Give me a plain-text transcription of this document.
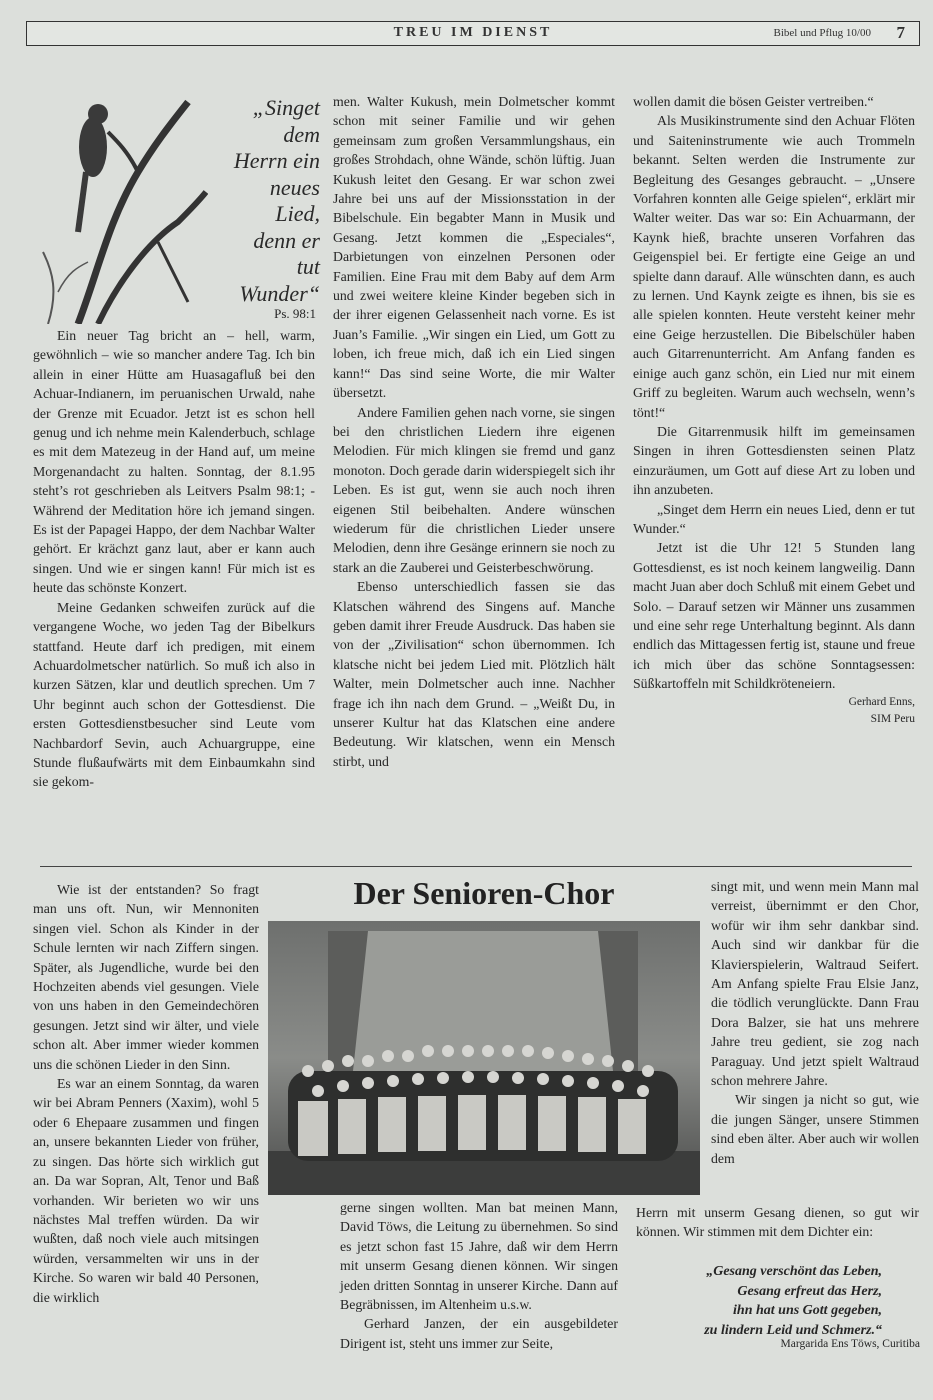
TREU IM DIENST	Bibel und Pflug 10/00 7
„Singet
dem
Herrn ein
neues
Lied,
denn er
tut
Wunder“
Ps. 98:1

Ein neuer Tag bricht an – hell, warm, gewöhnlich – wie so mancher andere Tag. Ich bin allein in einer Hütte am Huasagafluß bei den Achuar-Indianern, im peruanischen Urwald, nahe der Grenze mit Ecuador. Jetzt ist es schon hell genug und ich nehme mein Kalenderbuch, schlage es mit dem Matezeug in der Hand auf, um meine Morgenandacht zu halten. Sonntag, der 8.1.95 steht’s rot geschrieben als Leitvers Psalm 98:1; - Während der Meditation höre ich jemand singen. Es ist der Papagei Happo, der dem Nachbar Walter gehört. Er krächzt ganz laut, aber er kann auch singen. Und wie er singen kann! Für mich ist es heute das schönste Konzert.

Meine Gedanken schweifen zurück auf die vergangene Woche, wo jeden Tag der Bibelkurs stattfand. Heute darf ich predigen, mit einem Achuardolmetscher natürlich. So muß ich also in kurzen Sätzen, klar und deutlich sprechen. Um 7 Uhr beginnt auch schon der Gottesdienst. Die ersten Gottesdienstbesucher sind Leute vom Nachbardorf Sevin, auch Achuargruppe, eine Stunde flußaufwärts mit dem Einbaumkahn sind sie gekom-

men. Walter Kukush, mein Dolmetscher kommt schon mit seiner Familie und wir gehen gemeinsam zum großen Versammlungshaus, ein großes Strohdach, ohne Wände, schön lüftig. Juan Kukush leitet den Gesang. Er war schon zwei Jahre bei uns auf der Missionsstation in der Bibelschule. Ein begabter Mann in Musik und Gesang. Jetzt kommen die „Especiales“, Darbietungen von einzelnen Personen oder Familien. Eine Frau mit dem Baby auf dem Arm und zwei weitere kleine Kinder begeben sich in der ihrer eigenen Gelassenheit nach vorne. Es ist Juan’s Familie. „Wir singen ein Lied, um Gott zu loben, ich freue mich, daß ich ein Lied singen kann!“ Das sind seine Worte, die mir Walter übersetzt.

Andere Familien gehen nach vorne, sie singen bei den christlichen Liedern ihre eigenen Melodien. Für mich klingen sie fremd und ganz monoton. Doch gerade darin widerspiegelt sich ihr Leben. Es ist gut, wenn sie auch noch ihren eigenen Stil beibehalten. Andere wünschen wiederum für die christlichen Lieder unsere Melodien, denn ihre Gesänge erinnern sie noch zu stark an die Zauberei und Geisterbeschwörung.

Ebenso unterschiedlich fassen sie das Klatschen während des Singens auf. Manche geben damit ihrer Freude Ausdruck. Das haben sie von der „Zivilisation“ schon übernommen. Ich klatsche nicht bei jedem Lied mit. Plötzlich hält Walter, mein Dolmetscher auch inne. Nachher frage ich ihn nach dem Grund. – „Weißt Du, in unserer Kultur hat das Klatschen eine andere Bedeutung. Wir klatschen, wenn ein Mensch stirbt, und

wollen damit die bösen Geister vertreiben.“

Als Musikinstrumente sind den Achuar Flöten und Saiteninstrumente wie auch Trommeln bekannt. Selten werden die Instrumente zur Begleitung des Gesanges gebraucht. – „Unsere Vorfahren konnten alle Geige spielen“, erklärt mir Walter weiter. Das war so: Ein Achuarmann, der Kaynk hieß, brachte unseren Vorfahren das Geigenspiel bei. Er fertigte eine Geige an und spielte dann darauf. Alle wünschten dann, es auch zu lernen. Und Kaynk zeigte es ihnen, bis sie es alle spielen konnten. Heute versteht keiner mehr eine Geige herzustellen. Die Bibelschüler haben auch Gitarrenunterricht. Am Anfang fanden es einige auch ganz schön, ein Lied nur mit einem Griff zu begleiten. Warum auch wechseln, wenn’s tönt!“

Die Gitarrenmusik hilft im gemeinsamen Singen in ihren Gottesdiensten seinen Platz einzuräumen, um Gott auf diese Art zu loben und ihn anzubeten.

„Singet dem Herrn ein neues Lied, denn er tut Wunder.“

Jetzt ist die Uhr 12! 5 Stunden lang Gottesdienst, es ist noch keinem langweilig. Dann macht Juan aber doch Schluß mit einem Gebet und Solo. – Darauf setzen wir Männer uns zusammen und eine sehr rege Unterhaltung beginnt. Als dann endlich das Mittagessen fertig ist, staune und freue ich mich über das schöne Sonntagsessen: Süßkartoffeln mit Schildkröteneiern.

Gerhard Enns,
SIM Peru
Der Senioren-Chor

Wie ist der entstanden? So fragt man uns oft. Nun, wir Mennoniten singen viel. Schon als Kinder in der Schule lernten wir nach Ziffern singen. Später, als Jugendliche, wurde bei den Hochzeiten abends viel gesungen. Viele von uns haben in den Gemeindechören gesungen. Jetzt sind wir älter, und viele schon alt. Aber immer wieder kommen uns die schönen Lieder in den Sinn.

Es war an einem Sonntag, da waren wir bei Abram Penners (Xaxim), wohl 5 oder 6 Ehepaare zusammen und fingen an, unsere bekannten Lieder von früher, zu singen. Das hörte sich wirklich gut an. Da war Sopran, Alt, Tenor und Baß vorhanden. Wir berieten wo wir uns nächstes Mal treffen würden. Da wir wußten, daß noch viele auch mitsingen würden, versammelten wir uns in der Kirche. So waren wir bald 40 Personen, die wirklich

gerne singen wollten. Man bat meinen Mann, David Töws, die Leitung zu übernehmen. So sind es jetzt schon fast 15 Jahre, daß wir dem Herrn mit unserm Gesang dienen können. Wir singen jeden dritten Sonntag in unserer Kirche. Dann auf Begräbnissen, im Altenheim u.s.w.

Gerhard Janzen, der ein ausgebildeter Dirigent ist, steht uns immer zur Seite,

singt mit, und wenn mein Mann mal verreist, übernimmt er den Chor, wofür wir ihm sehr dankbar sind. Auch sind wir dankbar für die Klavierspielerin, Waltraud Seifert. Am Anfang spielte Frau Elsie Janz, die tödlich verunglückte. Dann Frau Dora Balzer, sie hat uns mehrere Jahre treu gedient, sie zog nach Paraguay. Und jetzt spielt Waltraud schon mehrere Jahre.

Wir singen ja nicht so gut, wie die jungen Sänger, unsere Stimmen sind eben älter. Aber auch wir wollen dem

Herrn mit unserm Gesang dienen, so gut wir können. Wir stimmen mit dem Dichter ein:

„Gesang verschönt das Leben,
Gesang erfreut das Herz,
ihn hat uns Gott gegeben,
zu lindern Leid und Schmerz.“
Margarida Ens Töws, Curitiba
